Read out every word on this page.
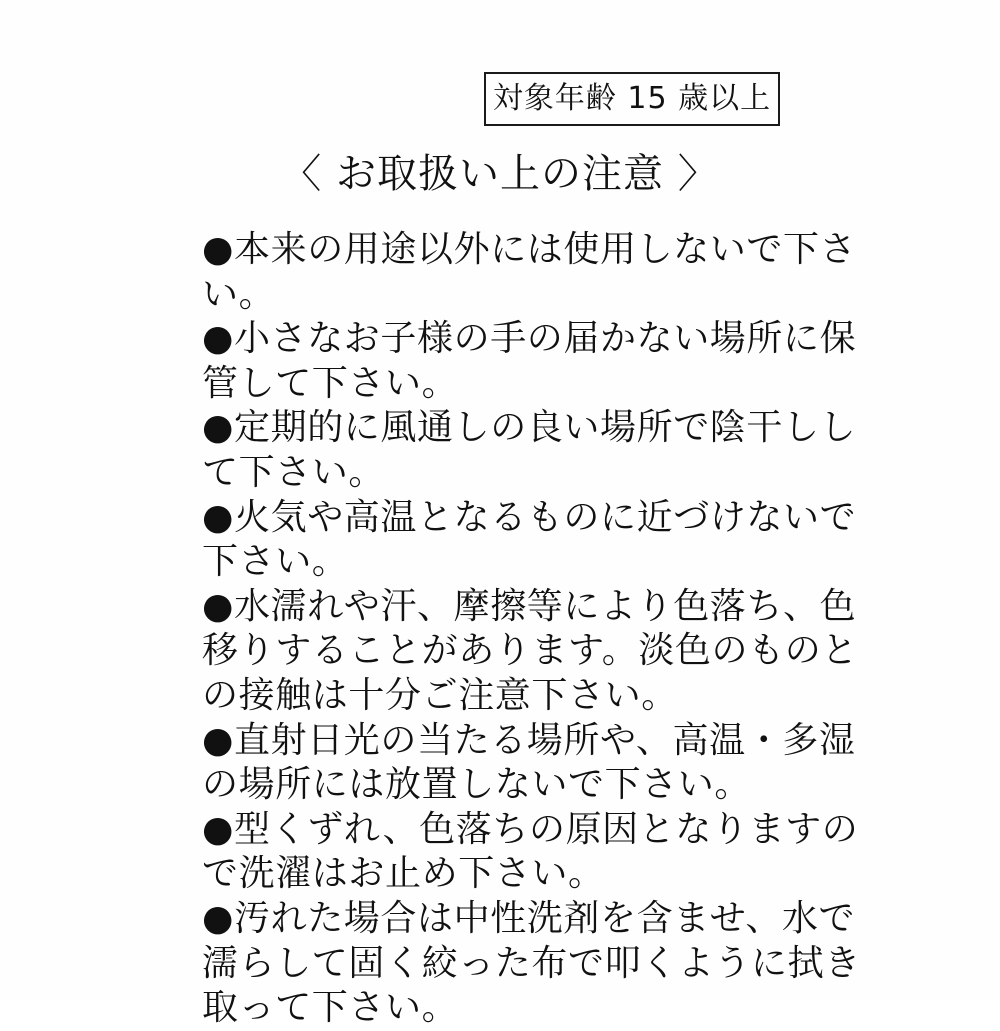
対象年齢 15 歳以上
〈 お取扱い上の注意 〉
●本来の用途以外には使用しないで下さ
い。
●小さなお子様の手の届かない場所に保
管して下さい。
●定期的に風通しの良い場所で陰干しし
て下さい。
●火気や高温となるものに近づけないで
下さい。
●水濡れや汗、摩擦等により色落ち、色
移りすることがあります。淡色のものと
の接触は十分ご注意下さい。
●直射日光の当たる場所や、高温・多湿
の場所には放置しないで下さい。
●型くずれ、色落ちの原因となりますの
で洗濯はお止め下さい。
●汚れた場合は中性洗剤を含ませ、水で
濡らして固く絞った布で叩くように拭き
取って下さい。
